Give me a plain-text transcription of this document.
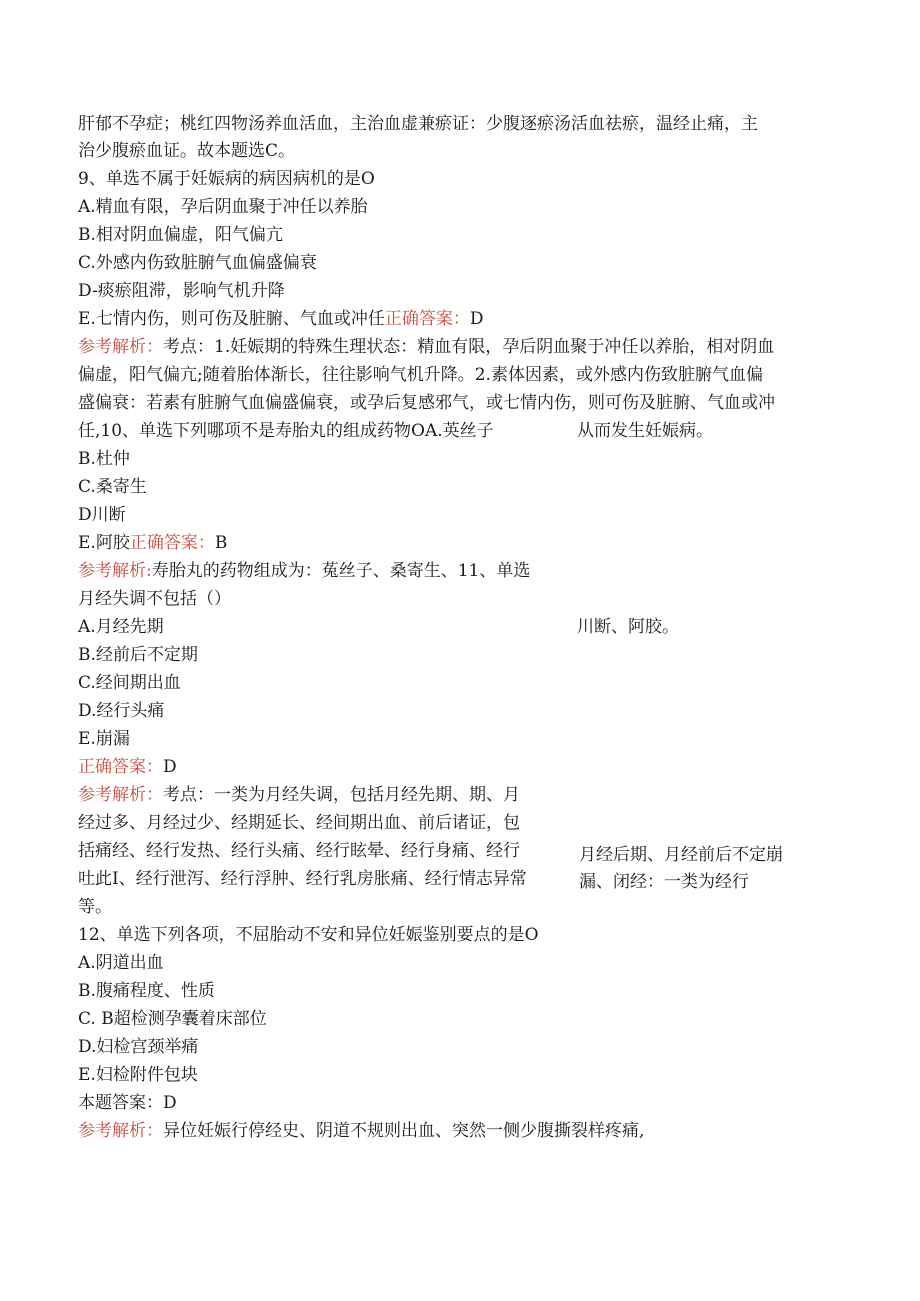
肝郁不孕症；桃红四物汤养血活血，主治血虚兼瘀证：少腹逐瘀汤活血祛瘀，温经止痛，主
治少腹瘀血证。故本题选C。
9、单选不属于妊娠病的病因病机的是O
A.精血有限，孕后阴血聚于冲任以养胎
B.相对阴血偏虚，阳气偏亢
C.外感内伤致脏腑气血偏盛偏衰
D-痰瘀阻滞，影响气机升降
E.七情内伤，则可伤及脏腑、气血或冲任正确答案：D
参考解析：考点：1.妊娠期的特殊生理状态：精血有限，孕后阴血聚于冲任以养胎，相对阴血
偏虚，阳气偏亢;随着胎体渐长，往往影响气机升降。2.素体因素，或外感内伤致脏腑气血偏
盛偏衰：若素有脏腑气血偏盛偏衰，或孕后复感邪气，或七情内伤，则可伤及脏腑、气血或冲
任,10、单选下列哪项不是寿胎丸的组成药物OA.英丝子	从而发生妊娠病。
B.杜仲
C.桑寄生
D川断
E.阿胶正确答案：B
参考解析:寿胎丸的药物组成为：菟丝子、桑寄生、11、单选
月经失调不包括（）
川断、阿胶。
A.月经先期
B.经前后不定期
C.经间期出血
D.经行头痛
E.崩漏
正确答案：D
参考解析：考点：一类为月经失调，包括月经先期、期、月
经过多、月经过少、经期延长、经间期出血、前后诸证，包
括痛经、经行发热、经行头痛、经行眩晕、经行身痛、经行	月经后期、月经前后不定崩
吐此I、经行泄泻、经行浮肿、经行乳房胀痛、经行情志异常	漏、闭经：一类为经行
等。
12、单选下列各项，不屈胎动不安和异位妊娠鉴别要点的是O
A.阴道出血
B.腹痛程度、性质
C. B超检测孕囊着床部位
D.妇检宫颈举痛
E.妇检附件包块
本题答案：D
参考解析：异位妊娠行停经史、阴道不规则出血、突然一侧少腹撕裂样疼痛,
